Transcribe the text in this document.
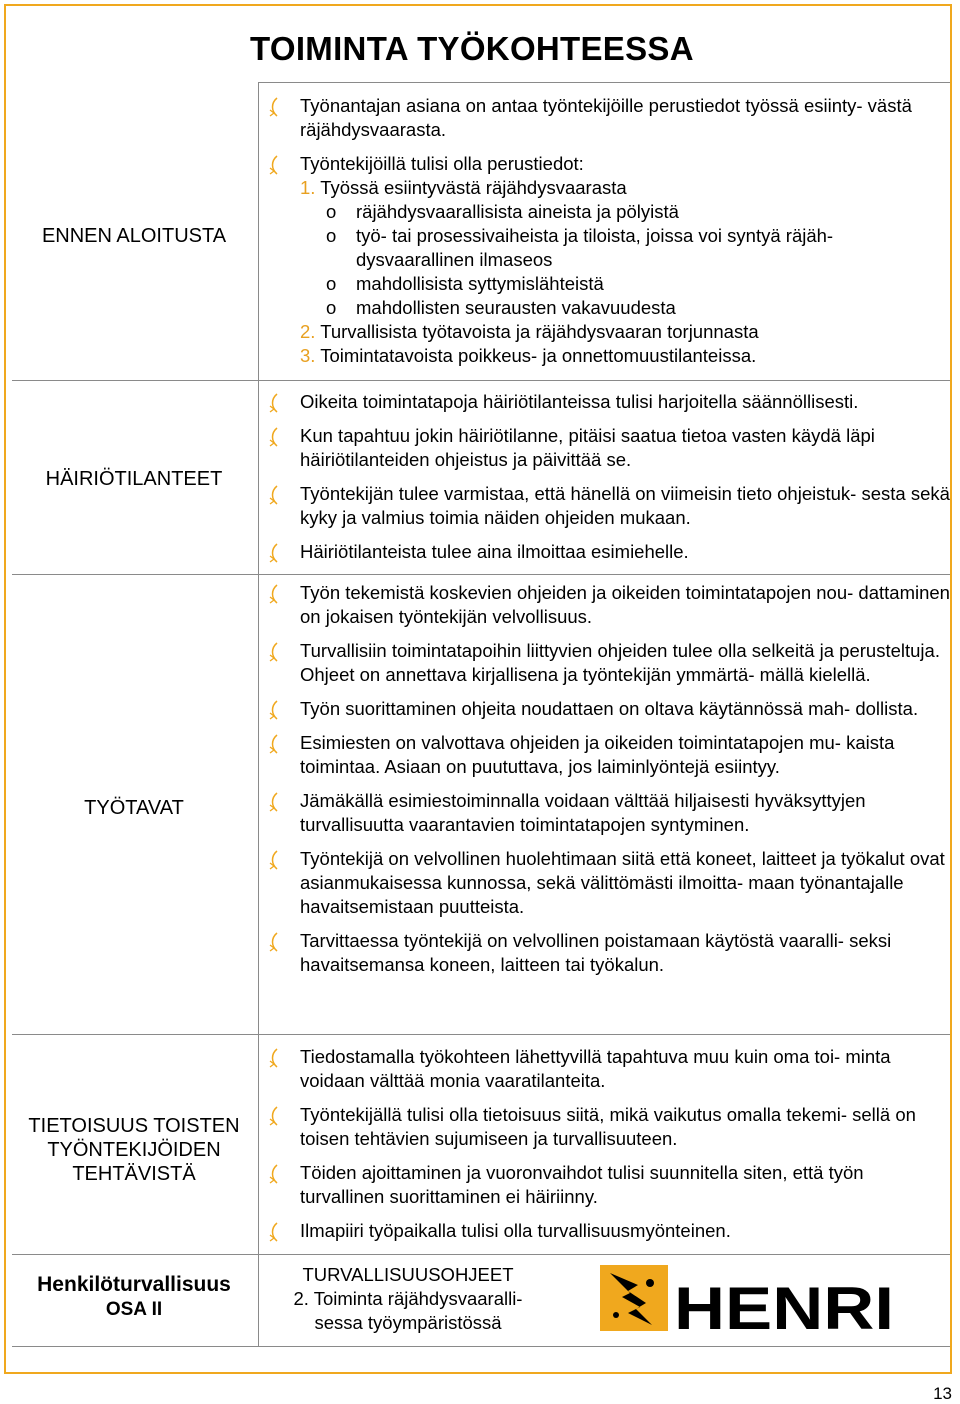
TOIMINTA TYÖKOHTEESSA
ENNEN ALOITUSTA
Työnantajan asiana on antaa työntekijöille perustiedot työssä esiinty- västä räjähdysvaarasta.
Työntekijöillä tulisi olla perustiedot:
1. Työssä esiintyvästä räjähdysvaarasta
o räjähdysvaarallisista aineista ja pölyistä
o työ- tai prosessivaiheista ja tiloista, joissa voi syntyä räjäh- dysvaarallinen ilmaseos
o mahdollisista syttymislähteistä
o mahdollisten seurausten vakavuudesta
2. Turvallisista työtavoista ja räjähdysvaaran torjunnasta
3. Toimintatavoista poikkeus- ja onnettomuustilanteissa.
HÄIRIÖTILANTEET
Oikeita toimintatapoja häiriötilanteissa tulisi harjoitella säännöllisesti.
Kun tapahtuu jokin häiriötilanne, pitäisi saatua tietoa vasten käydä läpi häiriötilanteiden ohjeistus ja päivittää se.
Työntekijän tulee varmistaa, että hänellä on viimeisin tieto ohjeistuk- sesta sekä kyky ja valmius toimia näiden ohjeiden mukaan.
Häiriötilanteista tulee aina ilmoittaa esimiehelle.
TYÖTAVAT
Työn tekemistä koskevien ohjeiden ja oikeiden toimintatapojen nou- dattaminen on jokaisen työntekijän velvollisuus.
Turvallisiin toimintatapoihin liittyvien ohjeiden tulee olla selkeitä ja perusteltuja. Ohjeet on annettava kirjallisena ja työntekijän ymmärtä- mällä kielellä.
Työn suorittaminen ohjeita noudattaen on oltava käytännössä mah- dollista.
Esimiesten on valvottava ohjeiden ja oikeiden toimintatapojen mu- kaista toimintaa. Asiaan on puututtava, jos laiminlyöntejä esiintyy.
Jämäkällä esimiestoiminnalla voidaan välttää hiljaisesti hyväksyttyjen turvallisuutta vaarantavien toimintatapojen syntyminen.
Työntekijä on velvollinen huolehtimaan siitä että koneet, laitteet ja työkalut ovat asianmukaisessa kunnossa, sekä välittömästi ilmoitta- maan työnantajalle havaitsemistaan puutteista.
Tarvittaessa työntekijä on velvollinen poistamaan käytöstä vaaralli- seksi havaitsemansa koneen, laitteen tai työkalun.
TIETOISUUS TOISTEN
TYÖNTEKIJÖIDEN
TEHTÄVISTÄ
Tiedostamalla työkohteen lähettyvillä tapahtuva muu kuin oma toi- minta voidaan välttää monia vaaratilanteita.
Työntekijällä tulisi olla tietoisuus siitä, mikä vaikutus omalla tekemi- sellä on toisen tehtävien sujumiseen ja turvallisuuteen.
Töiden ajoittaminen ja vuoronvaihdot tulisi suunnitella siten, että työn turvallinen suorittaminen ei häiriinny.
Ilmapiiri työpaikalla tulisi olla turvallisuusmyönteinen.
Henkilöturvallisuus
OSA II
TURVALLISUUSOHJEET
2. Toiminta räjähdysvaaralli-
sessa työympäristössä	HENRI
13
